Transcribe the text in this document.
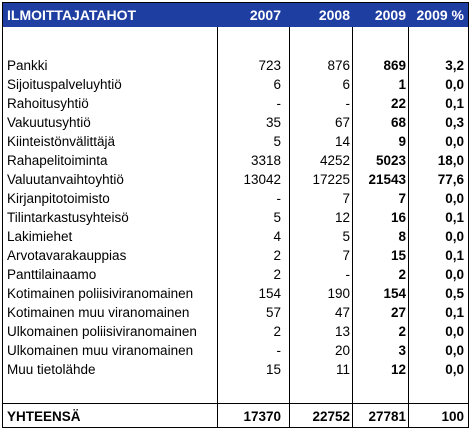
ILMOITTAJATAHOT	2007	2008 2009 2009 %
Pankki	723	876 869	3,2
Sijoituspalveluyhtiö	6	6	1	0,0
Rahoitusyhtiö	-	-	22	0,1
Vakuutusyhtiö	35	67	68	0,3
Kiinteistönvälittäjä	5	14	9	0,0
Rahapelitoiminta	3318	4252 5023 18,0
Valuutanvaihtoyhtiö	13042 17225 21543 77,6
Kirjanpitotoimisto	-	7	7	0,0
Tilintarkastusyhteisö	5	12	16	0,1
Lakimiehet	4	5	8	0,0
Arvotavarakauppias	2	7	15	0,1
Panttilainaamo	2	-	2	0,0
Kotimainen poliisiviranomainen	154	190 154	0,5
Kotimainen muu viranomainen	57	47	27	0,1
Ulkomainen poliisiviranomainen	2	13	2	0,0
Ulkomainen muu viranomainen	-	20	3	0,0
Muu tietolähde	15	11	12	0,0
YHTEENSÄ	17370 22752 27781	100
